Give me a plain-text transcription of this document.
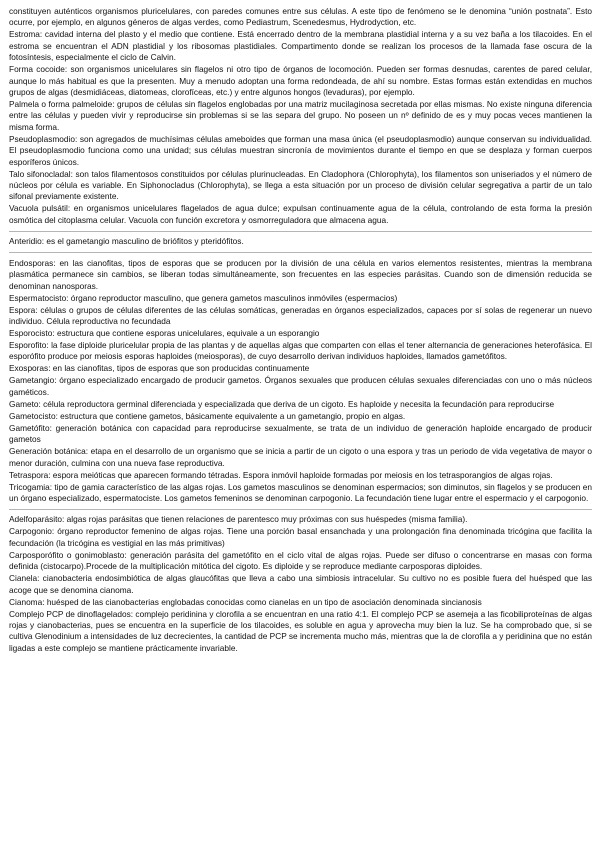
constituyen auténticos organismos pluricelulares, con paredes comunes entre sus células. A este tipo de fenómeno se le denomina “unión postnata”. Esto ocurre, por ejemplo, en algunos géneros de algas verdes, como Pediastrum, Scenedesmus, Hydrodyction, etc.

Estroma: cavidad interna del plasto y el medio que contiene. Está encerrado dentro de la membrana plastidial interna y a su vez baña a los tilacoides. En el estroma se encuentran el ADN plastidial y los ribosomas plastidiales. Compartimento donde se realizan los procesos de la llamada fase oscura de la fotosíntesis, especialmente el ciclo de Calvin.

Forma cocoide: son organismos unicelulares sin flagelos ni otro tipo de órganos de locomoción. Pueden ser formas desnudas, carentes de pared celular, aunque lo más habitual es que la presenten. Muy a menudo adoptan una forma redondeada, de ahí su nombre. Estas formas están extendidas en muchos grupos de algas (desmidiáceas, diatomeas, clorofíceas, etc.) y entre algunos hongos (levaduras), por ejemplo.

Palmela o forma palmeloide: grupos de células sin flagelos englobadas por una matriz mucilaginosa secretada por ellas mismas. No existe ninguna diferencia entre las células y pueden vivir y reproducirse sin problemas si se las separa del grupo. No poseen un nº definido de es y muy pocas veces mantienen la misma forma.

Pseudoplasmodio: son agregados de muchísimas células ameboides que forman una masa única (el pseudoplasmodio) aunque conservan su individualidad. El pseudoplasmodio funciona como una unidad; sus células muestran sincronía de movimientos durante el tiempo en que se desplaza y forman cuerpos esporíferos únicos.

Talo sifonocladal: son talos filamentosos constituidos por células plurinucleadas. En Cladophora (Chlorophyta), los filamentos son uniseriados y el número de núcleos por célula es variable. En Siphonocladus (Chlorophyta), se llega a esta situación por un proceso de división celular segregativa a partir de un talo sifonal previamente existente.

Vacuola pulsátil: en organismos unicelulares flagelados de agua dulce; expulsan continuamente agua de la célula, controlando de esta forma la presión osmótica del citoplasma celular. Vacuola con función excretora y osmorreguladora que almacena agua.

Anteridio: es el gametangio masculino de briófitos y pteridófitos.

Endosporas: en las cianofitas, tipos de esporas que se producen por la división de una célula en varios elementos resistentes, mientras la membrana plasmática permanece sin cambios, se liberan todas simultáneamente, son frecuentes en las especies parásitas. Cuando son de dimensión reducida se denominan nanosporas.

Espermatocisto: órgano reproductor masculino, que genera gametos masculinos inmóviles (espermacios)

Espora: células o grupos de células diferentes de las células somáticas, generadas en órganos especializados, capaces por sí solas de regenerar un nuevo individuo. Célula reproductiva no fecundada

Esporocisto: estructura que contiene esporas unicelulares, equivale a un esporangio

Esporofito: la fase diploide pluricelular propia de las plantas y de aquellas algas que comparten con ellas el tener alternancia de generaciones heterofásica. El esporófito produce por meiosis esporas haploides (meiosporas), de cuyo desarrollo derivan individuos haploides, llamados gametófitos.

Exosporas: en las cianofitas, tipos de esporas que son producidas continuamente

Gametangio: órgano especializado encargado de producir gametos. Órganos sexuales que producen células sexuales diferenciadas con uno o más núcleos gaméticos.

Gameto: célula reproductora germinal diferenciada y especializada que deriva de un cigoto. Es haploide y necesita la fecundación para reproducirse

Gametocisto: estructura que contiene gametos, básicamente equivalente a un gametangio, propio en algas.

Gametófito: generación botánica con capacidad para reproducirse sexualmente, se trata de un individuo de generación haploide encargado de producir gametos

Generación botánica: etapa en el desarrollo de un organismo que se inicia a partir de un cigoto o una espora y tras un periodo de vida vegetativa de mayor o menor duración, culmina con una nueva fase reproductiva.

Tetraspora: espora meióticas que aparecen formando tétradas. Espora inmóvil haploide formadas por meiosis en los tetrasporangios de algas rojas.

Tricogamia: tipo de gamia característico de las algas rojas. Los gametos masculinos se denominan espermacios; son diminutos, sin flagelos y se producen en un órgano especializado, espermatociste. Los gametos femeninos se denominan carpogonio. La fecundación tiene lugar entre el espermacio y el carpogonio.

Adelfoparásito: algas rojas parásitas que tienen relaciones de parentesco muy próximas con sus huéspedes (misma familia).

Carpogonio: órgano reproductor femenino de algas rojas. Tiene una porción basal ensanchada y una prolongación fina denominada tricógina que facilita la fecundación (la tricógina es vestigial en las más primitivas)

Carposporófito o gonimoblasto: generación parásita del gametófito en el ciclo vital de algas rojas. Puede ser difuso o concentrarse en masas con forma definida (cistocarpo).Procede de la multiplicación mitótica del cigoto. Es diploide y se reproduce mediante carposporas diploides.

Cianela: cianobacteria endosimbiótica de algas glaucófitas que lleva a cabo una simbiosis intracelular. Su cultivo no es posible fuera del huésped que las acoge que se denomina cianoma.

Cianoma: huésped de las cianobacterias englobadas conocidas como cianelas en un tipo de asociación denominada sincianosis

Complejo PCP de dinoflagelados: complejo peridinina y clorofila a se encuentran en una ratio 4:1. El complejo PCP se asemeja a las ficobiliproteínas de algas rojas y cianobacterias, pues se encuentra en la superficie de los tilacoides, es soluble en agua y aprovecha muy bien la luz. Se ha comprobado que, si se cultiva Glenodinium a intensidades de luz decrecientes, la cantidad de PCP se incrementa mucho más, mientras que la de clorofila a y peridinina que no están ligadas a este complejo se mantiene prácticamente invariable.
